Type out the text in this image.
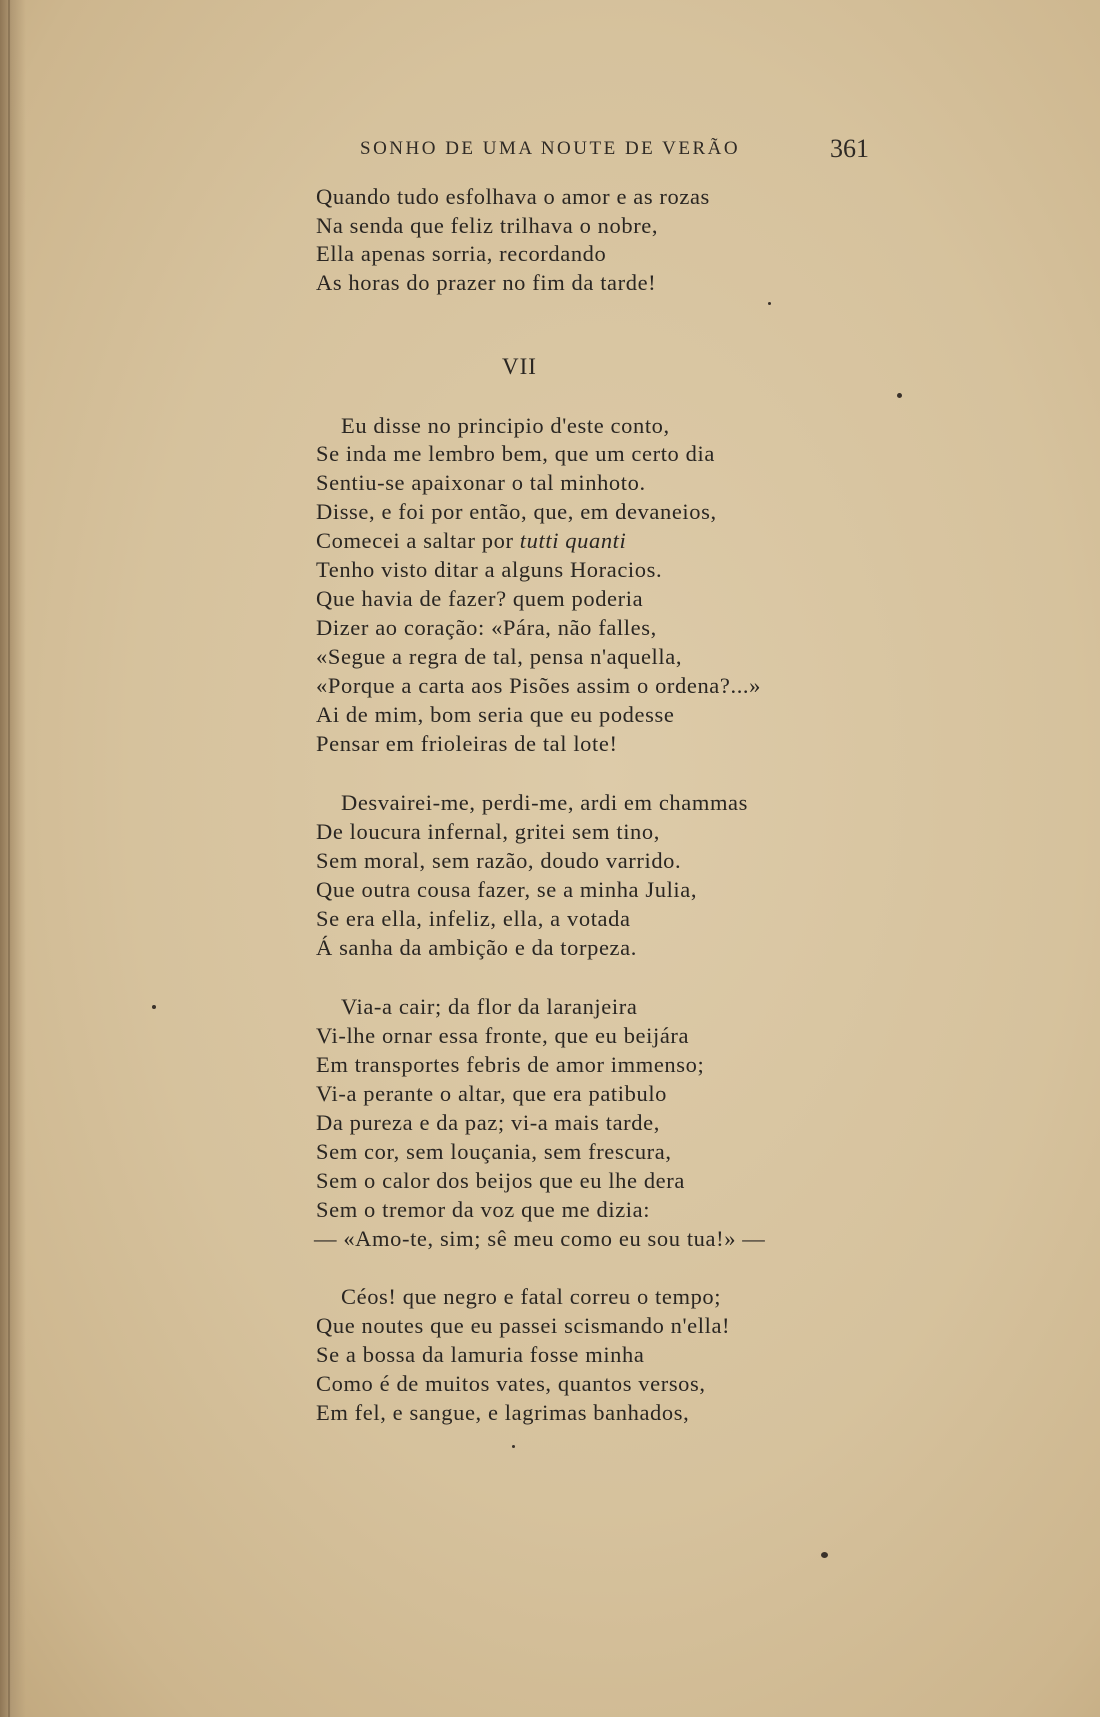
SONHO DE UMA NOUTE DE VERÃO	361
Quando tudo esfolhava o amor e as rozas
Na senda que feliz trilhava o nobre,
Ella apenas sorria, recordando
As horas do prazer no fim da tarde!
Eu disse no principio d'este conto,
Se inda me lembro bem, que um certo dia
Sentiu-se apaixonar o tal minhoto.
Disse, e foi por então, que, em devaneios,
Comecei a saltar por tutti quanti
Tenho visto ditar a alguns Horacios.
Que havia de fazer? quem poderia
Dizer ao coração: «Pára, não falles,
«Segue a regra de tal, pensa n'aquella,
«Porque a carta aos Pisões assim o ordena?...»
Ai de mim, bom seria que eu podesse
Pensar em frioleiras de tal lote!
Desvairei-me, perdi-me, ardi em chammas
De loucura infernal, gritei sem tino,
Sem moral, sem razão, doudo varrido.
Que outra cousa fazer, se a minha Julia,
Se era ella, infeliz, ella, a votada
Á sanha da ambição e da torpeza.
Via-a cair; da flor da laranjeira
Vi-lhe ornar essa fronte, que eu beijára
Em transportes febris de amor immenso;
Vi-a perante o altar, que era patibulo
Da pureza e da paz; vi-a mais tarde,
Sem cor, sem louçania, sem frescura,
Sem o calor dos beijos que eu lhe dera
Sem o tremor da voz que me dizia:
— «Amo-te, sim; sê meu como eu sou tua!» —
Céos! que negro e fatal correu o tempo;
Que noutes que eu passei scismando n'ella!
Se a bossa da lamuria fosse minha
Como é de muitos vates, quantos versos,
Em fel, e sangue, e lagrimas banhados,
VII
